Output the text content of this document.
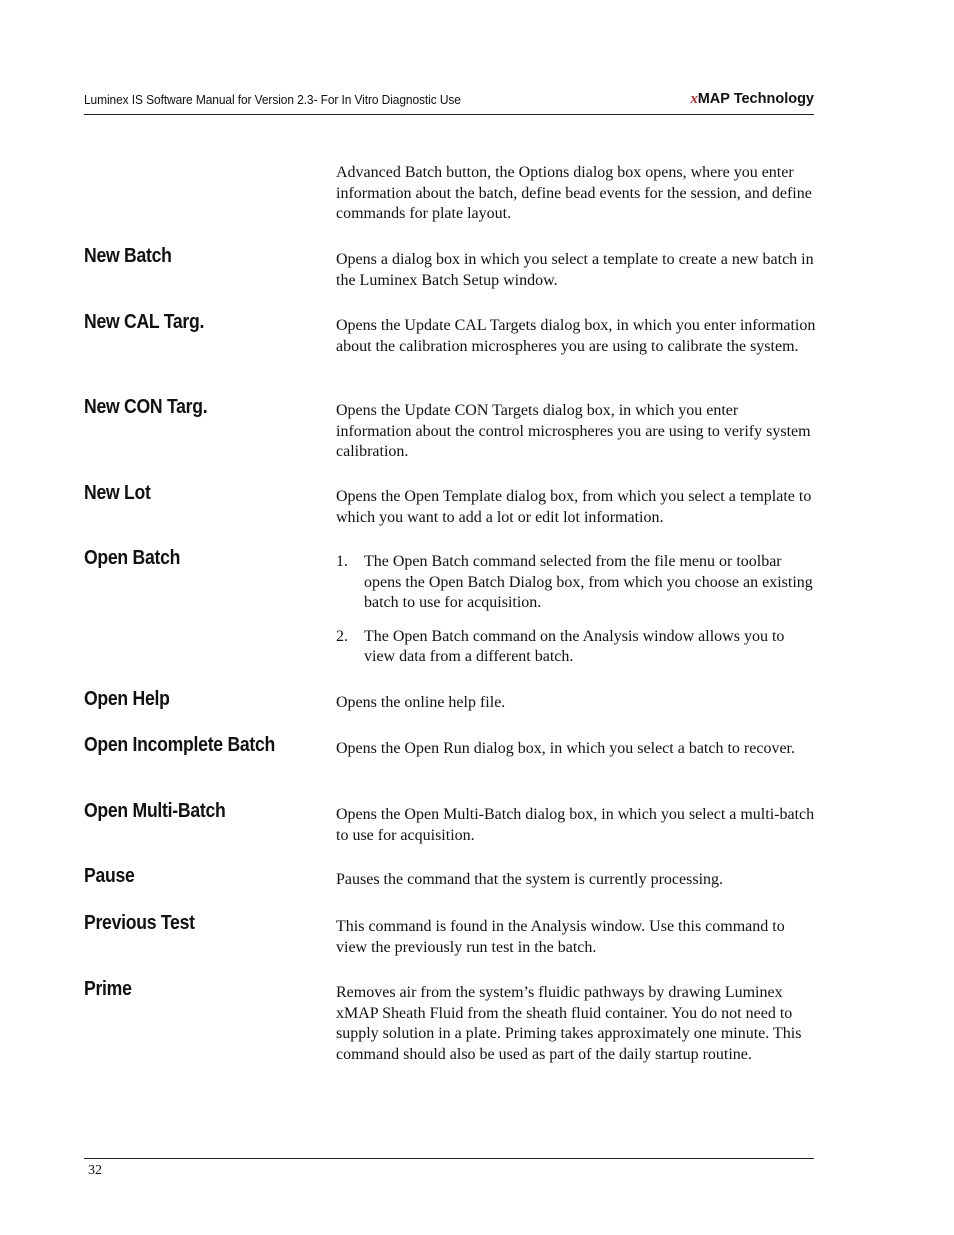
Luminex IS Software Manual for Version 2.3- For In Vitro Diagnostic Use	xMAP Technology
Advanced Batch button, the Options dialog box opens, where you enter information about the batch, define bead events for the session, and define commands for plate layout.
New Batch	Opens a dialog box in which you select a template to create a new batch in the Luminex Batch Setup window.
New CAL Targ.	Opens the Update CAL Targets dialog box, in which you enter information about the calibration microspheres you are using to calibrate the system.
New CON Targ.	Opens the Update CON Targets dialog box, in which you enter information about the control microspheres you are using to verify system calibration.
New Lot	Opens the Open Template dialog box, from which you select a template to which you want to add a lot or edit lot information.
Open Batch	1. The Open Batch command selected from the file menu or toolbar opens the Open Batch Dialog box, from which you choose an existing batch to use for acquisition.
2. The Open Batch command on the Analysis window allows you to view data from a different batch.
Open Help	Opens the online help file.
Open Incomplete Batch	Opens the Open Run dialog box, in which you select a batch to recover.
Open Multi-Batch	Opens the Open Multi-Batch dialog box, in which you select a multi-batch to use for acquisition.
Pause	Pauses the command that the system is currently processing.
Previous Test	This command is found in the Analysis window. Use this command to view the previously run test in the batch.
Prime	Removes air from the system’s fluidic pathways by drawing Luminex xMAP Sheath Fluid from the sheath fluid container. You do not need to supply solution in a plate. Priming takes approximately one minute. This command should also be used as part of the daily startup routine.
32
